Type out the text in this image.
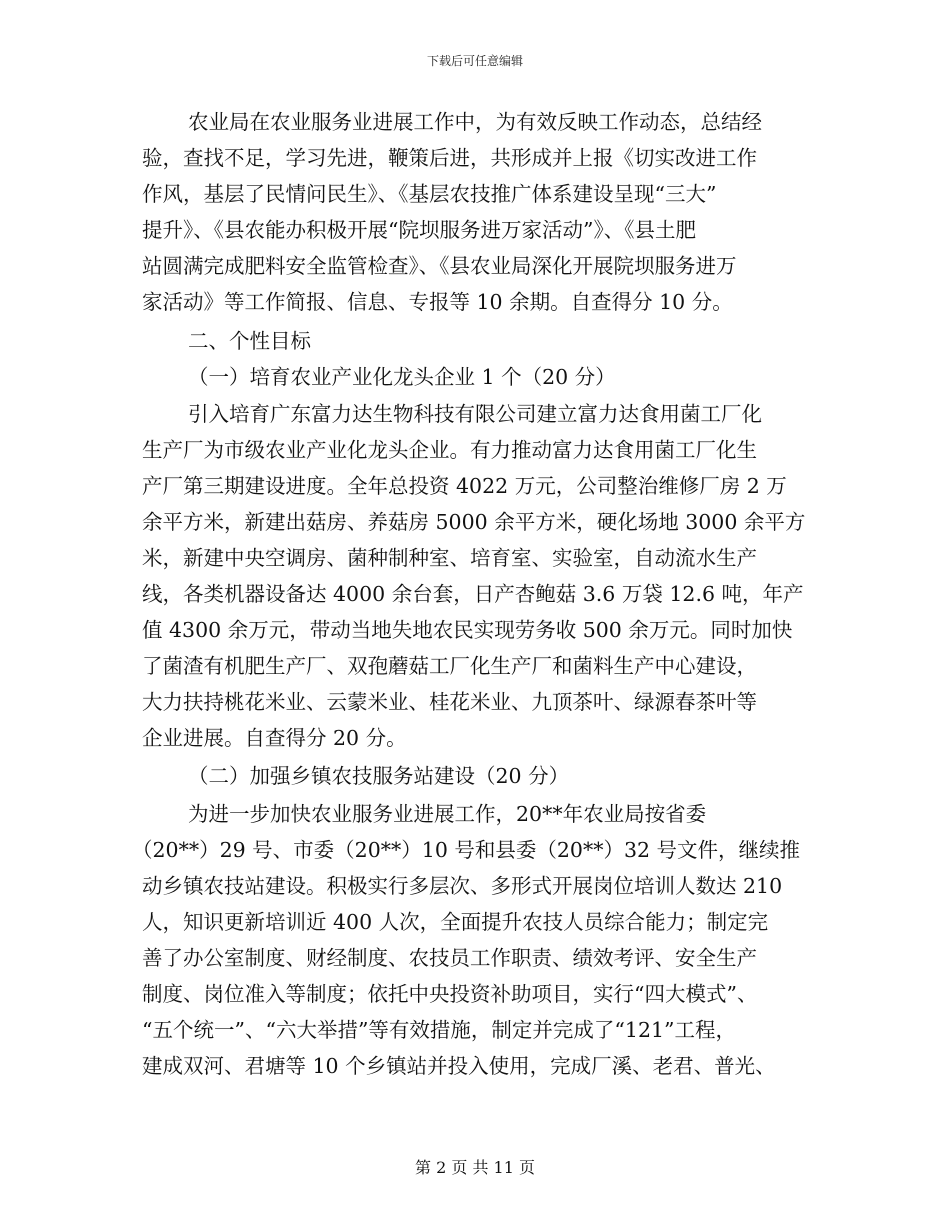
下载后可任意编辑
农业局在农业服务业进展工作中，为有效反映工作动态，总结经
验，查找不足，学习先进，鞭策后进，共形成并上报《切实改进工作
作风，基层了民情问民生》、《基层农技推广体系建设呈现“三大”
提升》、《县农能办积极开展“院坝服务进万家活动”》、《县土肥
站圆满完成肥料安全监管检查》、《县农业局深化开展院坝服务进万
家活动》等工作简报、信息、专报等 10 余期。自查得分 10 分。
二、个性目标
（一）培育农业产业化龙头企业 1 个（20 分）
引入培育广东富力达生物科技有限公司建立富力达食用菌工厂化
生产厂为市级农业产业化龙头企业。有力推动富力达食用菌工厂化生
产厂第三期建设进度。全年总投资 4022 万元，公司整治维修厂房 2 万
余平方米，新建出菇房、养菇房 5000 余平方米，硬化场地 3000 余平方
米，新建中央空调房、菌种制种室、培育室、实验室，自动流水生产
线，各类机器设备达 4000 余台套，日产杏鲍菇 3.6 万袋 12.6 吨，年产
值 4300 余万元，带动当地失地农民实现劳务收 500 余万元。同时加快
了菌渣有机肥生产厂、双孢蘑菇工厂化生产厂和菌料生产中心建设，
大力扶持桃花米业、云蒙米业、桂花米业、九顶茶叶、绿源春茶叶等
企业进展。自查得分 20 分。
（二）加强乡镇农技服务站建设（20 分）
为进一步加快农业服务业进展工作，20**年农业局按省委
（20**）29 号、市委（20**）10 号和县委（20**）32 号文件，继续推
动乡镇农技站建设。积极实行多层次、多形式开展岗位培训人数达 210
人，知识更新培训近 400 人次，全面提升农技人员综合能力；制定完
善了办公室制度、财经制度、农技员工作职责、绩效考评、安全生产
制度、岗位准入等制度；依托中央投资补助项目，实行“四大模式”、
“五个统一”、“六大举措”等有效措施，制定并完成了“121”工程，
建成双河、君塘等 10 个乡镇站并投入使用，完成厂溪、老君、普光、
第 2 页 共 11 页
